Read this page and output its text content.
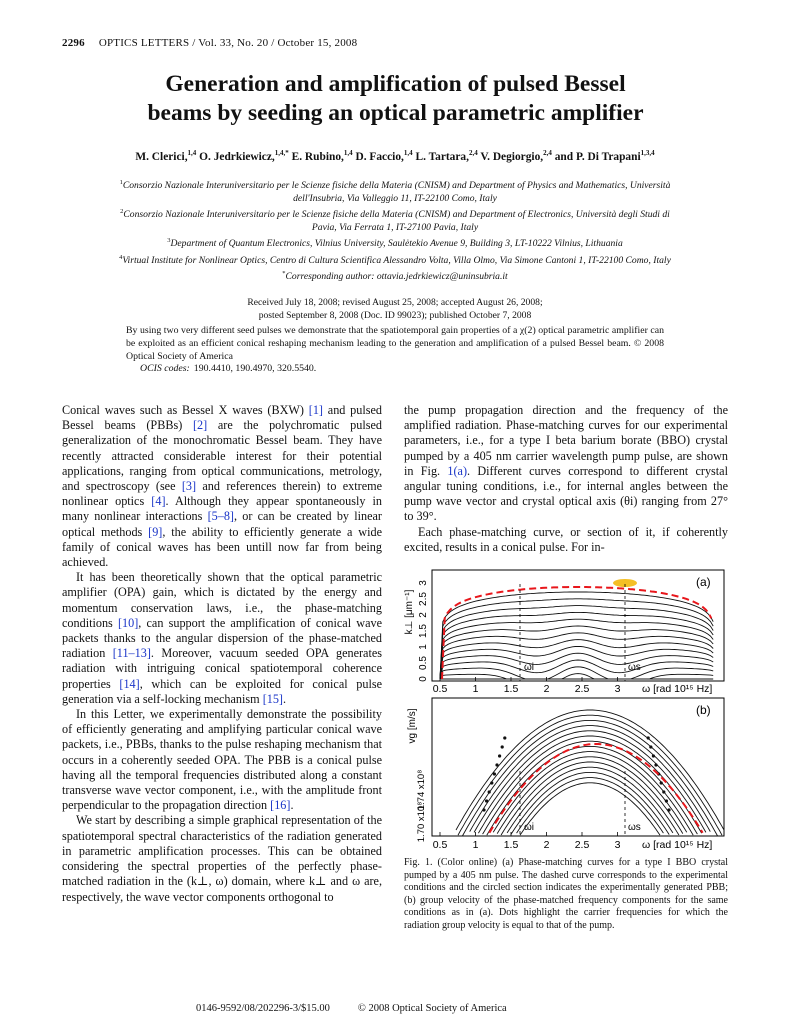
2296 OPTICS LETTERS / Vol. 33, No. 20 / October 15, 2008
Generation and amplification of pulsed Bessel
beams by seeding an optical parametric amplifier
M. Clerici,$^{1,4}$ O. Jedrkiewicz,$^{1,4,*}$ E. Rubino,$^{1,4}$ D. Faccio,$^{1,4}$ L. Tartara,$^{2,4}$ V. Degiorgio,$^{2,4}$ and P. Di Trapani$^{1,3,4}$

$^1$Consorzio Nazionale Interuniversitario per le Scienze fisiche della Materia (CNISM) and Department of Physics and Mathematics, Università dell'Insubria, Via Valleggio 11, IT-22100 Como, Italy

$^2$Consorzio Nazionale Interuniversitario per le Scienze fisiche della Materia (CNISM) and Department of Electronics, Università degli Studi di Pavia, Via Ferrata 1, IT-27100 Pavia, Italy

$^3$Department of Quantum Electronics, Vilnius University, Saulėtekio Avenue 9, Building 3, LT-10222 Vilnius, Lithuania

$^4$Virtual Institute for Nonlinear Optics, Centro di Cultura Scientifica Alessandro Volta, Villa Olmo, Via Simone Cantoni 1, IT-22100 Como, Italy

*Corresponding author: ottavia.jedrkiewicz@uninsubria.it

Received July 18, 2008; revised August 25, 2008; accepted August 26, 2008;
posted September 8, 2008 (Doc. ID 99023); published October 7, 2008
By using two very different seed pulses we demonstrate that the spatiotemporal gain properties of a χ(2) optical parametric amplifier can be exploited as an efficient conical reshaping mechanism leading to the generation and amplification of a pulsed Bessel beam. © 2008 Optical Society of America
OCIS codes: 190.4410, 190.4970, 320.5540.

Conical waves such as Bessel X waves (BXW) [1] and pulsed Bessel beams (PBBs) [2] are the polychromatic pulsed generalization of the monochromatic Bessel beam. They have recently attracted considerable interest for their potential applications, ranging from optical communications, metrology, and spectroscopy (see [3] and references therein) to extreme nonlinear optics [4]. Although they appear spontaneously in many nonlinear interactions [5–8], or can be created by linear optical methods [9], the ability to efficiently generate a wide family of conical waves has been untill now far from being achieved.

It has been theoretically shown that the optical parametric amplifier (OPA) gain, which is dictated by the energy and momentum conservation laws, i.e., the phase-matching conditions [10], can support the amplification of conical wave packets thanks to the angular dispersion of the phase-matched radiation [11–13]. Moreover, vacuum seeded OPA generates radiation with intriguing conical spatiotemporal coherence properties [14], which can be exploited for conical pulse generation via a self-locking mechanism [15].

In this Letter, we experimentally demonstrate the possibility of efficiently generating and amplifying particular conical wave packets, i.e., PBBs, thanks to the pulse reshaping mechanism that occurs in a coherently seeded OPA. The PBB is a conical pulse having all the temporal frequencies distributed along a constant transverse wave vector component, i.e., with the amplitude front perpendicular to the propagation direction [16].

We start by describing a simple graphical representation of the spatiotemporal spectral characteristics of the radiation generated in parametric amplification processes. This can be obtained considering the spectral properties of the perfectly phase-matched radiation in the (k⊥, ω) domain, where k⊥ and ω are, respectively, the wave vector components orthogonal to

the pump propagation direction and the frequency of the amplified radiation. Phase-matching curves for our experimental parameters, i.e., for a type I beta barium borate (BBO) crystal pumped by a 405 nm carrier wavelength pump pulse, are shown in Fig. 1(a). Different curves correspond to different crystal angular tuning conditions, i.e., for internal angles between the pump wave vector and crystal optical axis (θi) ranging from 27° to 39°.

Each phase-matching curve, or section of it, if coherently excited, results in a conical pulse. For in-

ωi	ωs
(a)
0
0.5
1
1.5
2
2.5
3
0.5 1 1.5 2 2.5 3
k⊥ [μm⁻¹]
ω [rad 10¹⁵ Hz]
ωi	ωs
(b)
vg [m/s]
1.74 x10⁸
1.70 x10⁸
0.5 1 1.5 2 2.5 3 ω [rad 10¹⁵ Hz]
Fig. 1. (Color online) (a) Phase-matching curves for a type I BBO crystal pumped by a 405 nm pulse. The dashed curve corresponds to the experimental conditions and the circled section indicates the experimentally generated PBB; (b) group velocity of the phase-matched frequency components for the same conditions as in (a). Dots highlight the carrier frequencies for which the radiation group velocity is equal to that of the pump.
0146-9592/08/202296-3/$15.00	© 2008 Optical Society of America
